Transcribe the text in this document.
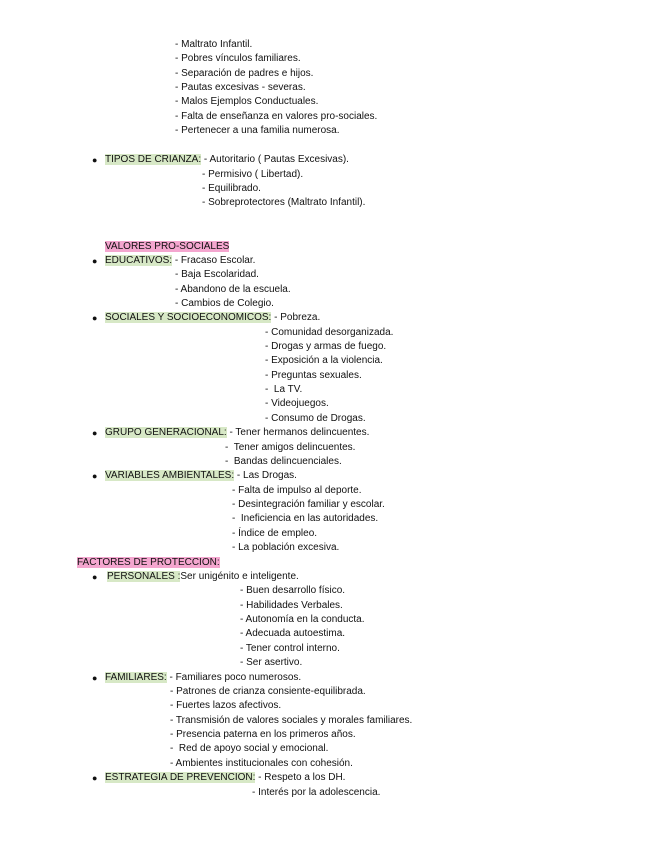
- Maltrato Infantil.
- Pobres vínculos familiares.
- Separación de padres e hijos.
- Pautas excesivas - severas.
- Malos Ejemplos Conductuales.
- Falta de enseñanza en valores pro-sociales.
- Pertenecer a una familia numerosa.
● TIPOS DE CRIANZA: - Autoritario ( Pautas Excesivas).
- Permisivo ( Libertad).
- Equilibrado.
- Sobreprotectores (Maltrato Infantil).
VALORES PRO-SOCIALES
● EDUCATIVOS: - Fracaso Escolar.
- Baja Escolaridad.
- Abandono de la escuela.
- Cambios de Colegio.
● SOCIALES Y SOCIOECONOMICOS: - Pobreza.
- Comunidad desorganizada.
- Drogas y armas de fuego.
- Exposición a la violencia.
- Preguntas sexuales.
-  La TV.
- Videojuegos.
- Consumo de Drogas.
● GRUPO GENERACIONAL: - Tener hermanos delincuentes.
-  Tener amigos delincuentes.
-  Bandas delincuenciales.
● VARIABLES AMBIENTALES: - Las Drogas.
- Falta de impulso al deporte.
- Desintegración familiar y escolar.
-  Ineficiencia en las autoridades.
- Índice de empleo.
- La población excesiva.
FACTORES DE PROTECCION:
● PERSONALES :Ser unigénito e inteligente.
- Buen desarrollo físico.
- Habilidades Verbales.
- Autonomía en la conducta.
- Adecuada autoestima.
- Tener control interno.
- Ser asertivo.
● FAMILIARES: - Familiares poco numerosos.
- Patrones de crianza consiente-equilibrada.
- Fuertes lazos afectivos.
- Transmisión de valores sociales y morales familiares.
- Presencia paterna en los primeros años.
-  Red de apoyo social y emocional.
- Ambientes institucionales con cohesión.
● ESTRATEGIA DE PREVENCION: - Respeto a los DH.
- Interés por la adolescencia.
